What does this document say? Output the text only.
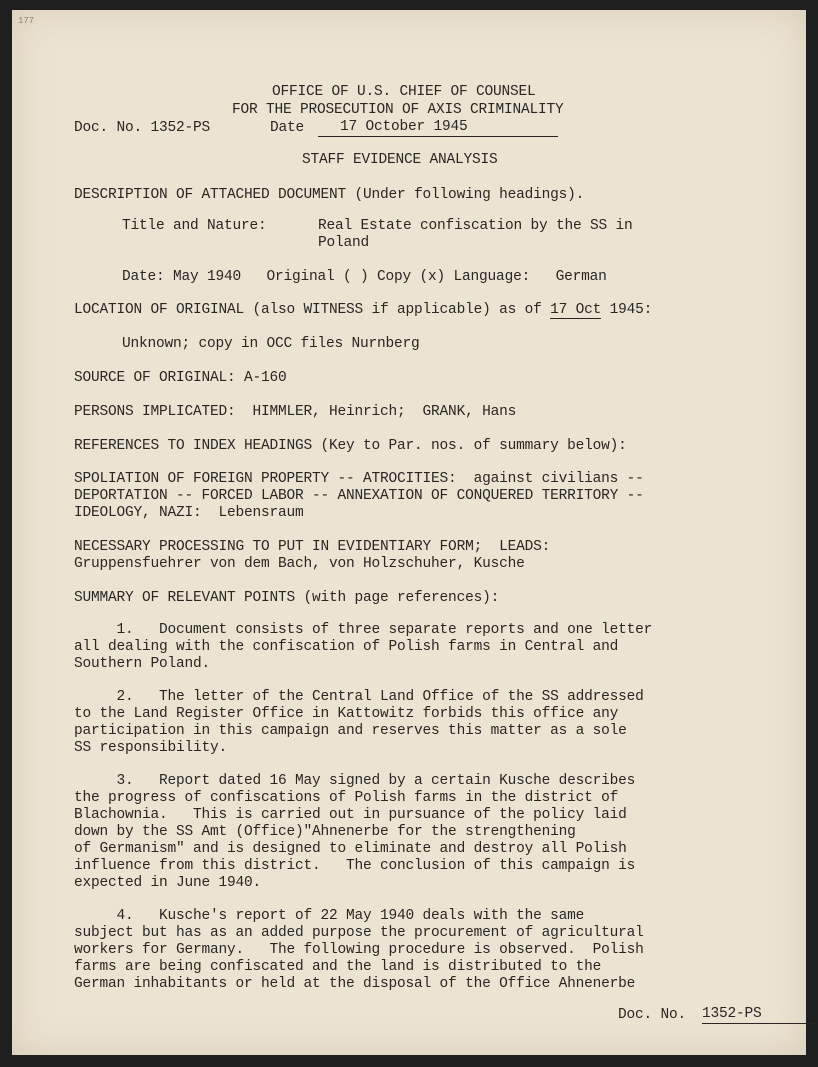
177
OFFICE OF U.S. CHIEF OF COUNSEL
FOR THE PROSECUTION OF AXIS CRIMINALITY
Doc. No. 1352-PS	Date	17 October 1945
STAFF EVIDENCE ANALYSIS
DESCRIPTION OF ATTACHED DOCUMENT (Under following headings).
Title and Nature:	Real Estate confiscation by the SS in
Poland
Date: May 1940   Original ( ) Copy (x) Language:   German
LOCATION OF ORIGINAL (also WITNESS if applicable) as of 17 Oct 1945:
Unknown; copy in OCC files Nurnberg
SOURCE OF ORIGINAL: A-160
PERSONS IMPLICATED:  HIMMLER, Heinrich;  GRANK, Hans
REFERENCES TO INDEX HEADINGS (Key to Par. nos. of summary below):
SPOLIATION OF FOREIGN PROPERTY -- ATROCITIES:  against civilians --
DEPORTATION -- FORCED LABOR -- ANNEXATION OF CONQUERED TERRITORY --
IDEOLOGY, NAZI:  Lebensraum
NECESSARY PROCESSING TO PUT IN EVIDENTIARY FORM;  LEADS:
Gruppensfuehrer von dem Bach, von Holzschuher, Kusche
SUMMARY OF RELEVANT POINTS (with page references):
1.   Document consists of three separate reports and one letter
all dealing with the confiscation of Polish farms in Central and
Southern Poland.
2.   The letter of the Central Land Office of the SS addressed
to the Land Register Office in Kattowitz forbids this office any
participation in this campaign and reserves this matter as a sole
SS responsibility.
3.   Report dated 16 May signed by a certain Kusche describes
the progress of confiscations of Polish farms in the district of
Blachownia.   This is carried out in pursuance of the policy laid
down by the SS Amt (Office)"Ahnenerbe for the strengthening
of Germanism" and is designed to eliminate and destroy all Polish
influence from this district.   The conclusion of this campaign is
expected in June 1940.
4.   Kusche's report of 22 May 1940 deals with the same
subject but has as an added purpose the procurement of agricultural
workers for Germany.   The following procedure is observed.  Polish
farms are being confiscated and the land is distributed to the
German inhabitants or held at the disposal of the Office Ahnenerbe
Doc. No. 1352-PS
